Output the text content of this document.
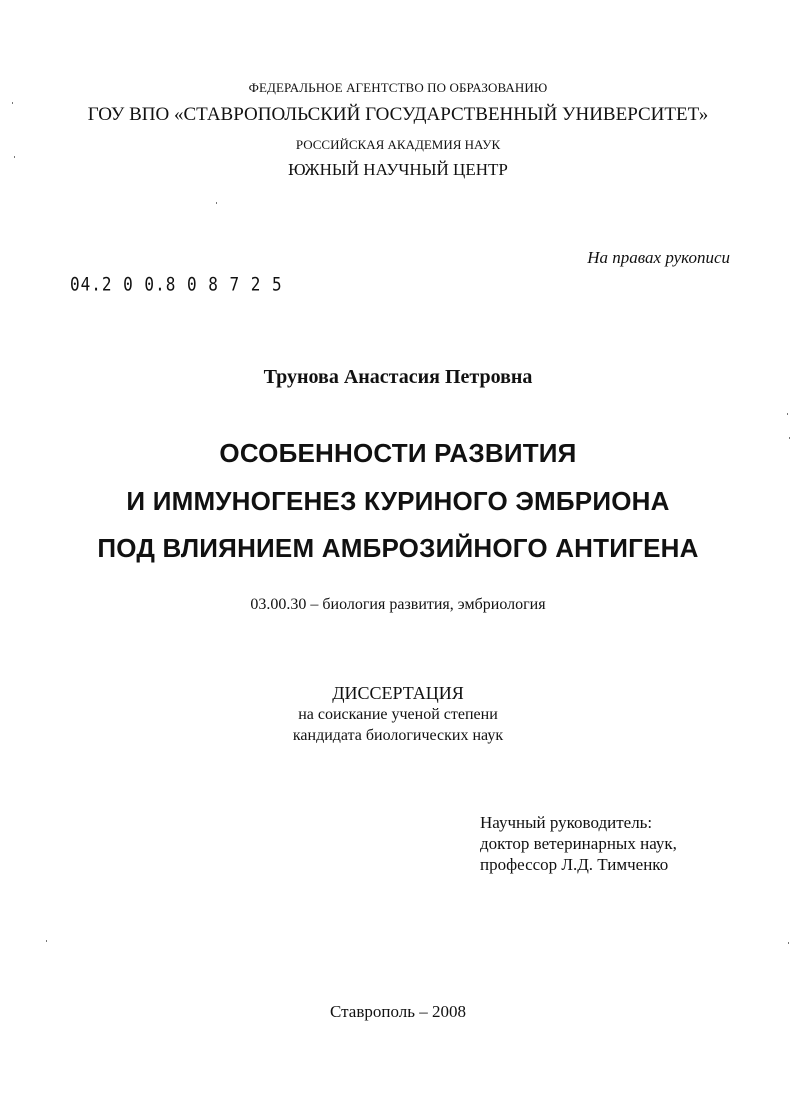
ФЕДЕРАЛЬНОЕ АГЕНТСТВО ПО ОБРАЗОВАНИЮ
ГОУ ВПО «СТАВРОПОЛЬСКИЙ ГОСУДАРСТВЕННЫЙ УНИВЕРСИТЕТ»
РОССИЙСКАЯ АКАДЕМИЯ НАУК
ЮЖНЫЙ НАУЧНЫЙ ЦЕНТР
На правах рукописи
04.2 0 0.8 0 8 7 2 5
Трунова Анастасия Петровна
ОСОБЕННОСТИ РАЗВИТИЯ
И ИММУНОГЕНЕЗ КУРИНОГО ЭМБРИОНА
ПОД ВЛИЯНИЕМ АМБРОЗИЙНОГО АНТИГЕНА
03.00.30 – биология развития, эмбриология
ДИССЕРТАЦИЯ
на соискание ученой степени
кандидата биологических наук
Научный руководитель:
доктор ветеринарных наук,
профессор Л.Д. Тимченко
Ставрополь – 2008
